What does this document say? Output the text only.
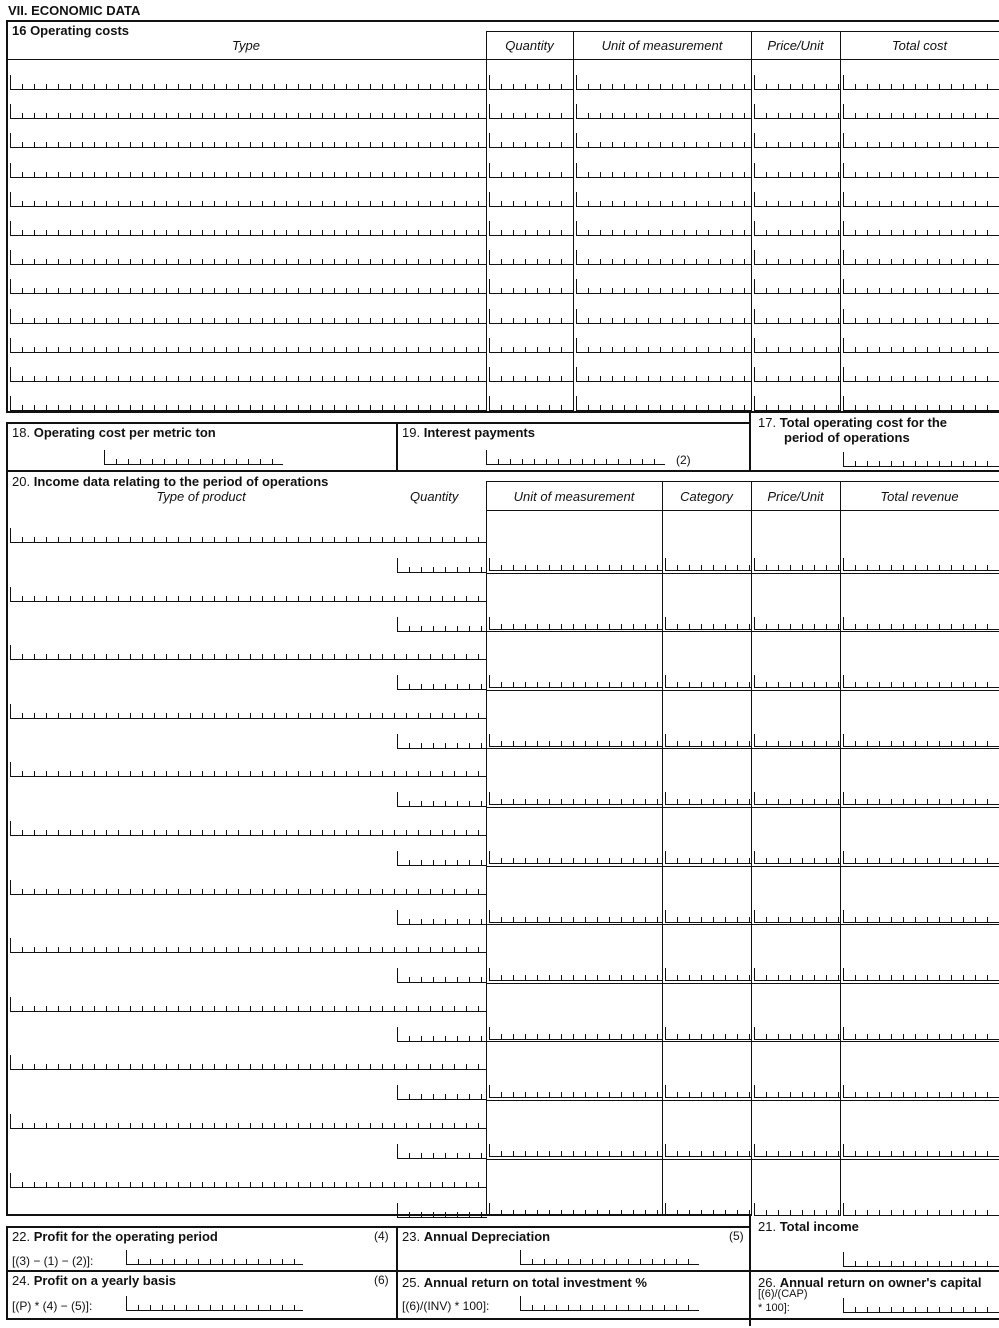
VII. ECONOMIC DATA
16 Operating costs
Type	Quantity	Unit of measurement	Price/Unit	Total cost
18. Operating cost per metric ton	19. Interest payments
(2)
17. Total operating cost for the
period of operations
20. Income data relating to the period of operations
Type of product	Quantity	Unit of measurement	Category	Price/Unit	Total revenue
21. Total income
22. Profit for the operating period	(4)
[(3) − (1) − (2)]:
23. Annual Depreciation	(5)
24. Profit on a yearly basis	(6)
[(P) * (4) − (5)]:
25. Annual return on total investment %
[(6)/(INV) * 100]:
26. Annual return on owner's capital
[(6)/(CAP)
* 100]:
